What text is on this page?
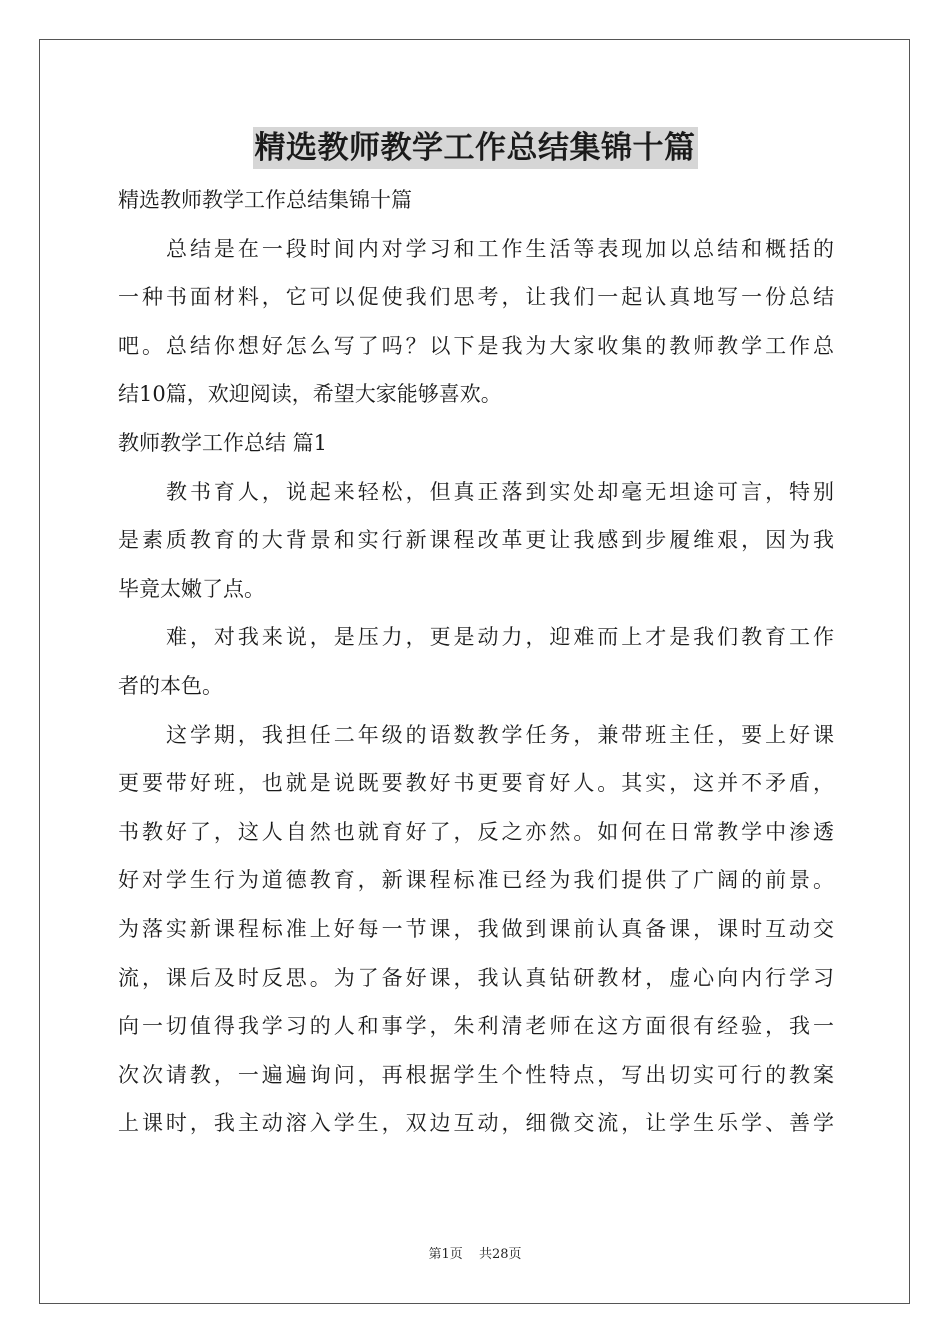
精选教师教学工作总结集锦十篇
精选教师教学工作总结集锦十篇
总结是在一段时间内对学习和工作生活等表现加以总结和概括的
一种书面材料，它可以促使我们思考，让我们一起认真地写一份总结
吧。总结你想好怎么写了吗？以下是我为大家收集的教师教学工作总
结10篇，欢迎阅读，希望大家能够喜欢。
教师教学工作总结 篇1
教书育人，说起来轻松，但真正落到实处却毫无坦途可言，特别
是素质教育的大背景和实行新课程改革更让我感到步履维艰，因为我
毕竟太嫩了点。
难，对我来说，是压力，更是动力，迎难而上才是我们教育工作
者的本色。
这学期，我担任二年级的语数教学任务，兼带班主任，要上好课
更要带好班，也就是说既要教好书更要育好人。其实，这并不矛盾，
书教好了，这人自然也就育好了，反之亦然。如何在日常教学中渗透
好对学生行为道德教育，新课程标准已经为我们提供了广阔的前景。
为落实新课程标准上好每一节课，我做到课前认真备课，课时互动交
流，课后及时反思。为了备好课，我认真钻研教材，虚心向内行学习
向一切值得我学习的人和事学，朱利清老师在这方面很有经验，我一
次次请教，一遍遍询问，再根据学生个性特点，写出切实可行的教案
上课时，我主动溶入学生，双边互动，细微交流，让学生乐学、善学
第1页 共28页
